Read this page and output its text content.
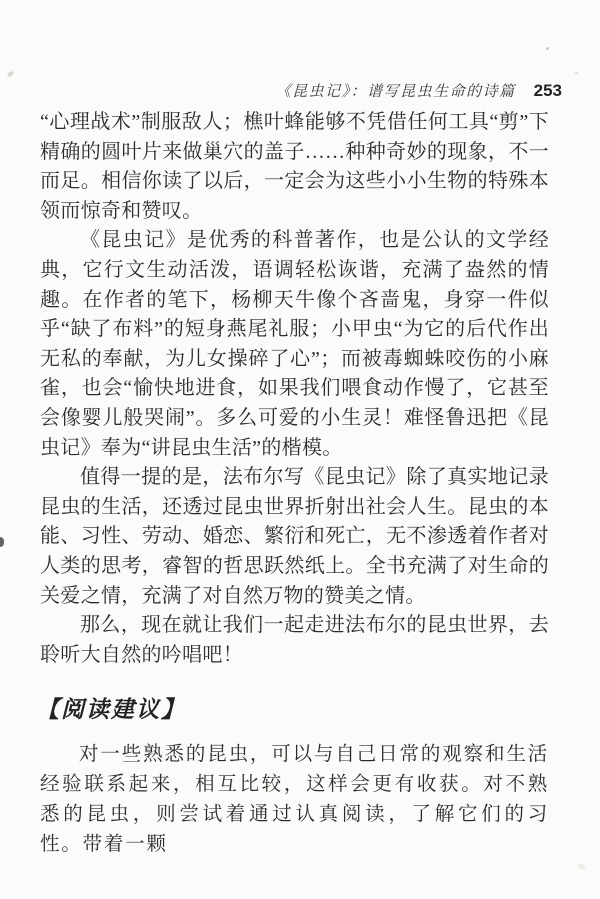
《昆虫记》：谱写昆虫生命的诗篇 253

“心理战术”制服敌人；樵叶蜂能够不凭借任何工具“剪”下精确的圆叶片来做巢穴的盖子……种种奇妙的现象，不一而足。相信你读了以后，一定会为这些小小生物的特殊本领而惊奇和赞叹。

《昆虫记》是优秀的科普著作，也是公认的文学经典，它行文生动活泼，语调轻松诙谐，充满了盎然的情趣。在作者的笔下，杨柳天牛像个吝啬鬼，身穿一件似乎“缺了布料”的短身燕尾礼服；小甲虫“为它的后代作出无私的奉献，为儿女操碎了心”；而被毒蜘蛛咬伤的小麻雀，也会“愉快地进食，如果我们喂食动作慢了，它甚至会像婴儿般哭闹”。多么可爱的小生灵！难怪鲁迅把《昆虫记》奉为“讲昆虫生活”的楷模。

值得一提的是，法布尔写《昆虫记》除了真实地记录昆虫的生活，还透过昆虫世界折射出社会人生。昆虫的本能、习性、劳动、婚恋、繁衍和死亡，无不渗透着作者对人类的思考，睿智的哲思跃然纸上。全书充满了对生命的关爱之情，充满了对自然万物的赞美之情。

那么，现在就让我们一起走进法布尔的昆虫世界，去聆听大自然的吟唱吧！

【阅读建议】

对一些熟悉的昆虫，可以与自己日常的观察和生活经验联系起来，相互比较，这样会更有收获。对不熟悉的昆虫，则尝试着通过认真阅读，了解它们的习性。带着一颗
